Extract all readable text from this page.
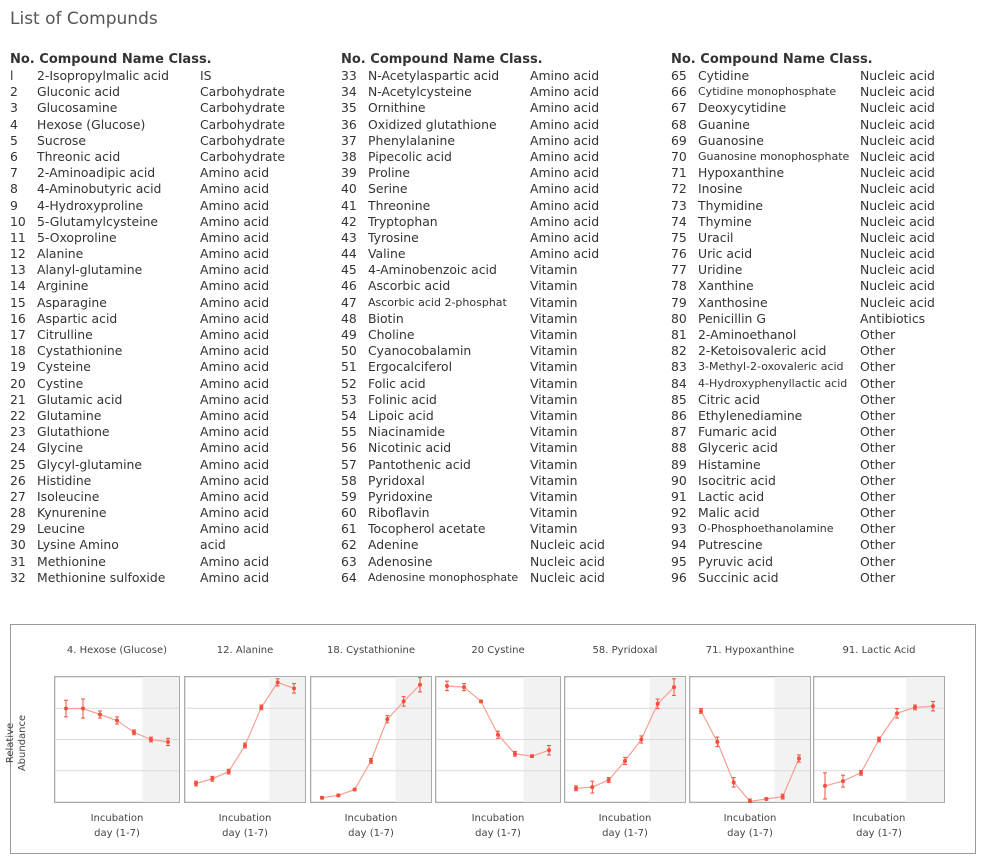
List of Compunds
No. Compound Name Class.
l 2-Isopropylmalic acid	IS
2 Gluconic acid	Carbohydrate
3 Glucosamine	Carbohydrate
4 Hexose (Glucose)	Carbohydrate
5 Sucrose	Carbohydrate
6 Threonic acid	Carbohydrate
7 2-Aminoadipic acid	Amino acid
8 4-Aminobutyric acid	Amino acid
9 4-Hydroxyproline	Amino acid
10 5-Glutamylcysteine	Amino acid
11 5-Oxoproline	Amino acid
12 Alanine	Amino acid
13 Alanyl-glutamine	Amino acid
14 Arginine	Amino acid
15 Asparagine	Amino acid
16 Aspartic acid	Amino acid
17 Citrulline	Amino acid
18 Cystathionine	Amino acid
19 Cysteine	Amino acid
20 Cystine	Amino acid
21 Glutamic acid	Amino acid
22 Glutamine	Amino acid
23 Glutathione	Amino acid
24 Glycine	Amino acid
25 Glycyl-glutamine	Amino acid
26 Histidine	Amino acid
27 Isoleucine	Amino acid
28 Kynurenine	Amino acid
29 Leucine	Amino acid
30 Lysine Amino	acid
31 Methionine	Amino acid
32 Methionine sulfoxide	Amino acid
No. Compound Name Class.
33 N-Acetylaspartic acid Amino acid
34 N-Acetylcysteine	Amino acid
35 Ornithine	Amino acid
36 Oxidized glutathione	Amino acid
37 Phenylalanine	Amino acid
38 Pipecolic acid	Amino acid
39 Proline	Amino acid
40 Serine	Amino acid
41 Threonine	Amino acid
42 Tryptophan	Amino acid
43 Tyrosine	Amino acid
44 Valine	Amino acid
45 4-Aminobenzoic acid	Vitamin
46 Ascorbic acid	Vitamin
47 Ascorbic acid 2-phosphat Vitamin
48 Biotin	Vitamin
49 Choline	Vitamin
50 Cyanocobalamin	Vitamin
51 Ergocalciferol	Vitamin
52 Folic acid	Vitamin
53 Folinic acid	Vitamin
54 Lipoic acid	Vitamin
55 Niacinamide	Vitamin
56 Nicotinic acid	Vitamin
57 Pantothenic acid	Vitamin
58 Pyridoxal	Vitamin
59 Pyridoxine	Vitamin
60 Riboflavin	Vitamin
61 Tocopherol acetate	Vitamin
62 Adenine	Nucleic acid
63 Adenosine	Nucleic acid
64 Adenosine monophosphate Nucleic acid
No. Compound Name Class.
65 Cytidine	Nucleic acid
66 Cytidine monophosphate Nucleic acid
67 Deoxycytidine	Nucleic acid
68 Guanine	Nucleic acid
69 Guanosine	Nucleic acid
70 Guanosine monophosphate Nucleic acid
71 Hypoxanthine	Nucleic acid
72 Inosine	Nucleic acid
73 Thymidine	Nucleic acid
74 Thymine	Nucleic acid
75 Uracil	Nucleic acid
76 Uric acid	Nucleic acid
77 Uridine	Nucleic acid
78 Xanthine	Nucleic acid
79 Xanthosine	Nucleic acid
80 Penicillin G	Antibiotics
81 2-Aminoethanol	Other
82 2-Ketoisovaleric acid	Other
83 3-Methyl-2-oxovaleric acid Other
84 4-Hydroxyphenyllactic acid Other
85 Citric acid	Other
86 Ethylenediamine	Other
87 Fumaric acid	Other
88 Glyceric acid	Other
89 Histamine	Other
90 Isocitric acid	Other
91 Lactic acid	Other
92 Malic acid	Other
93 O-Phosphoethanolamine Other
94 Putrescine	Other
95 Pyruvic acid	Other
96 Succinic acid	Other
Relative
Abundance
4. Hexose (Glucose)
Incubation
day (1-7)
12. Alanine
Incubation
day (1-7)
18. Cystathionine
Incubation
day (1-7)
20 Cystine
Incubation
day (1-7)
58. Pyridoxal
Incubation
day (1-7)
71. Hypoxanthine
Incubation
day (1-7)
91. Lactic Acid
Incubation
day (1-7)
